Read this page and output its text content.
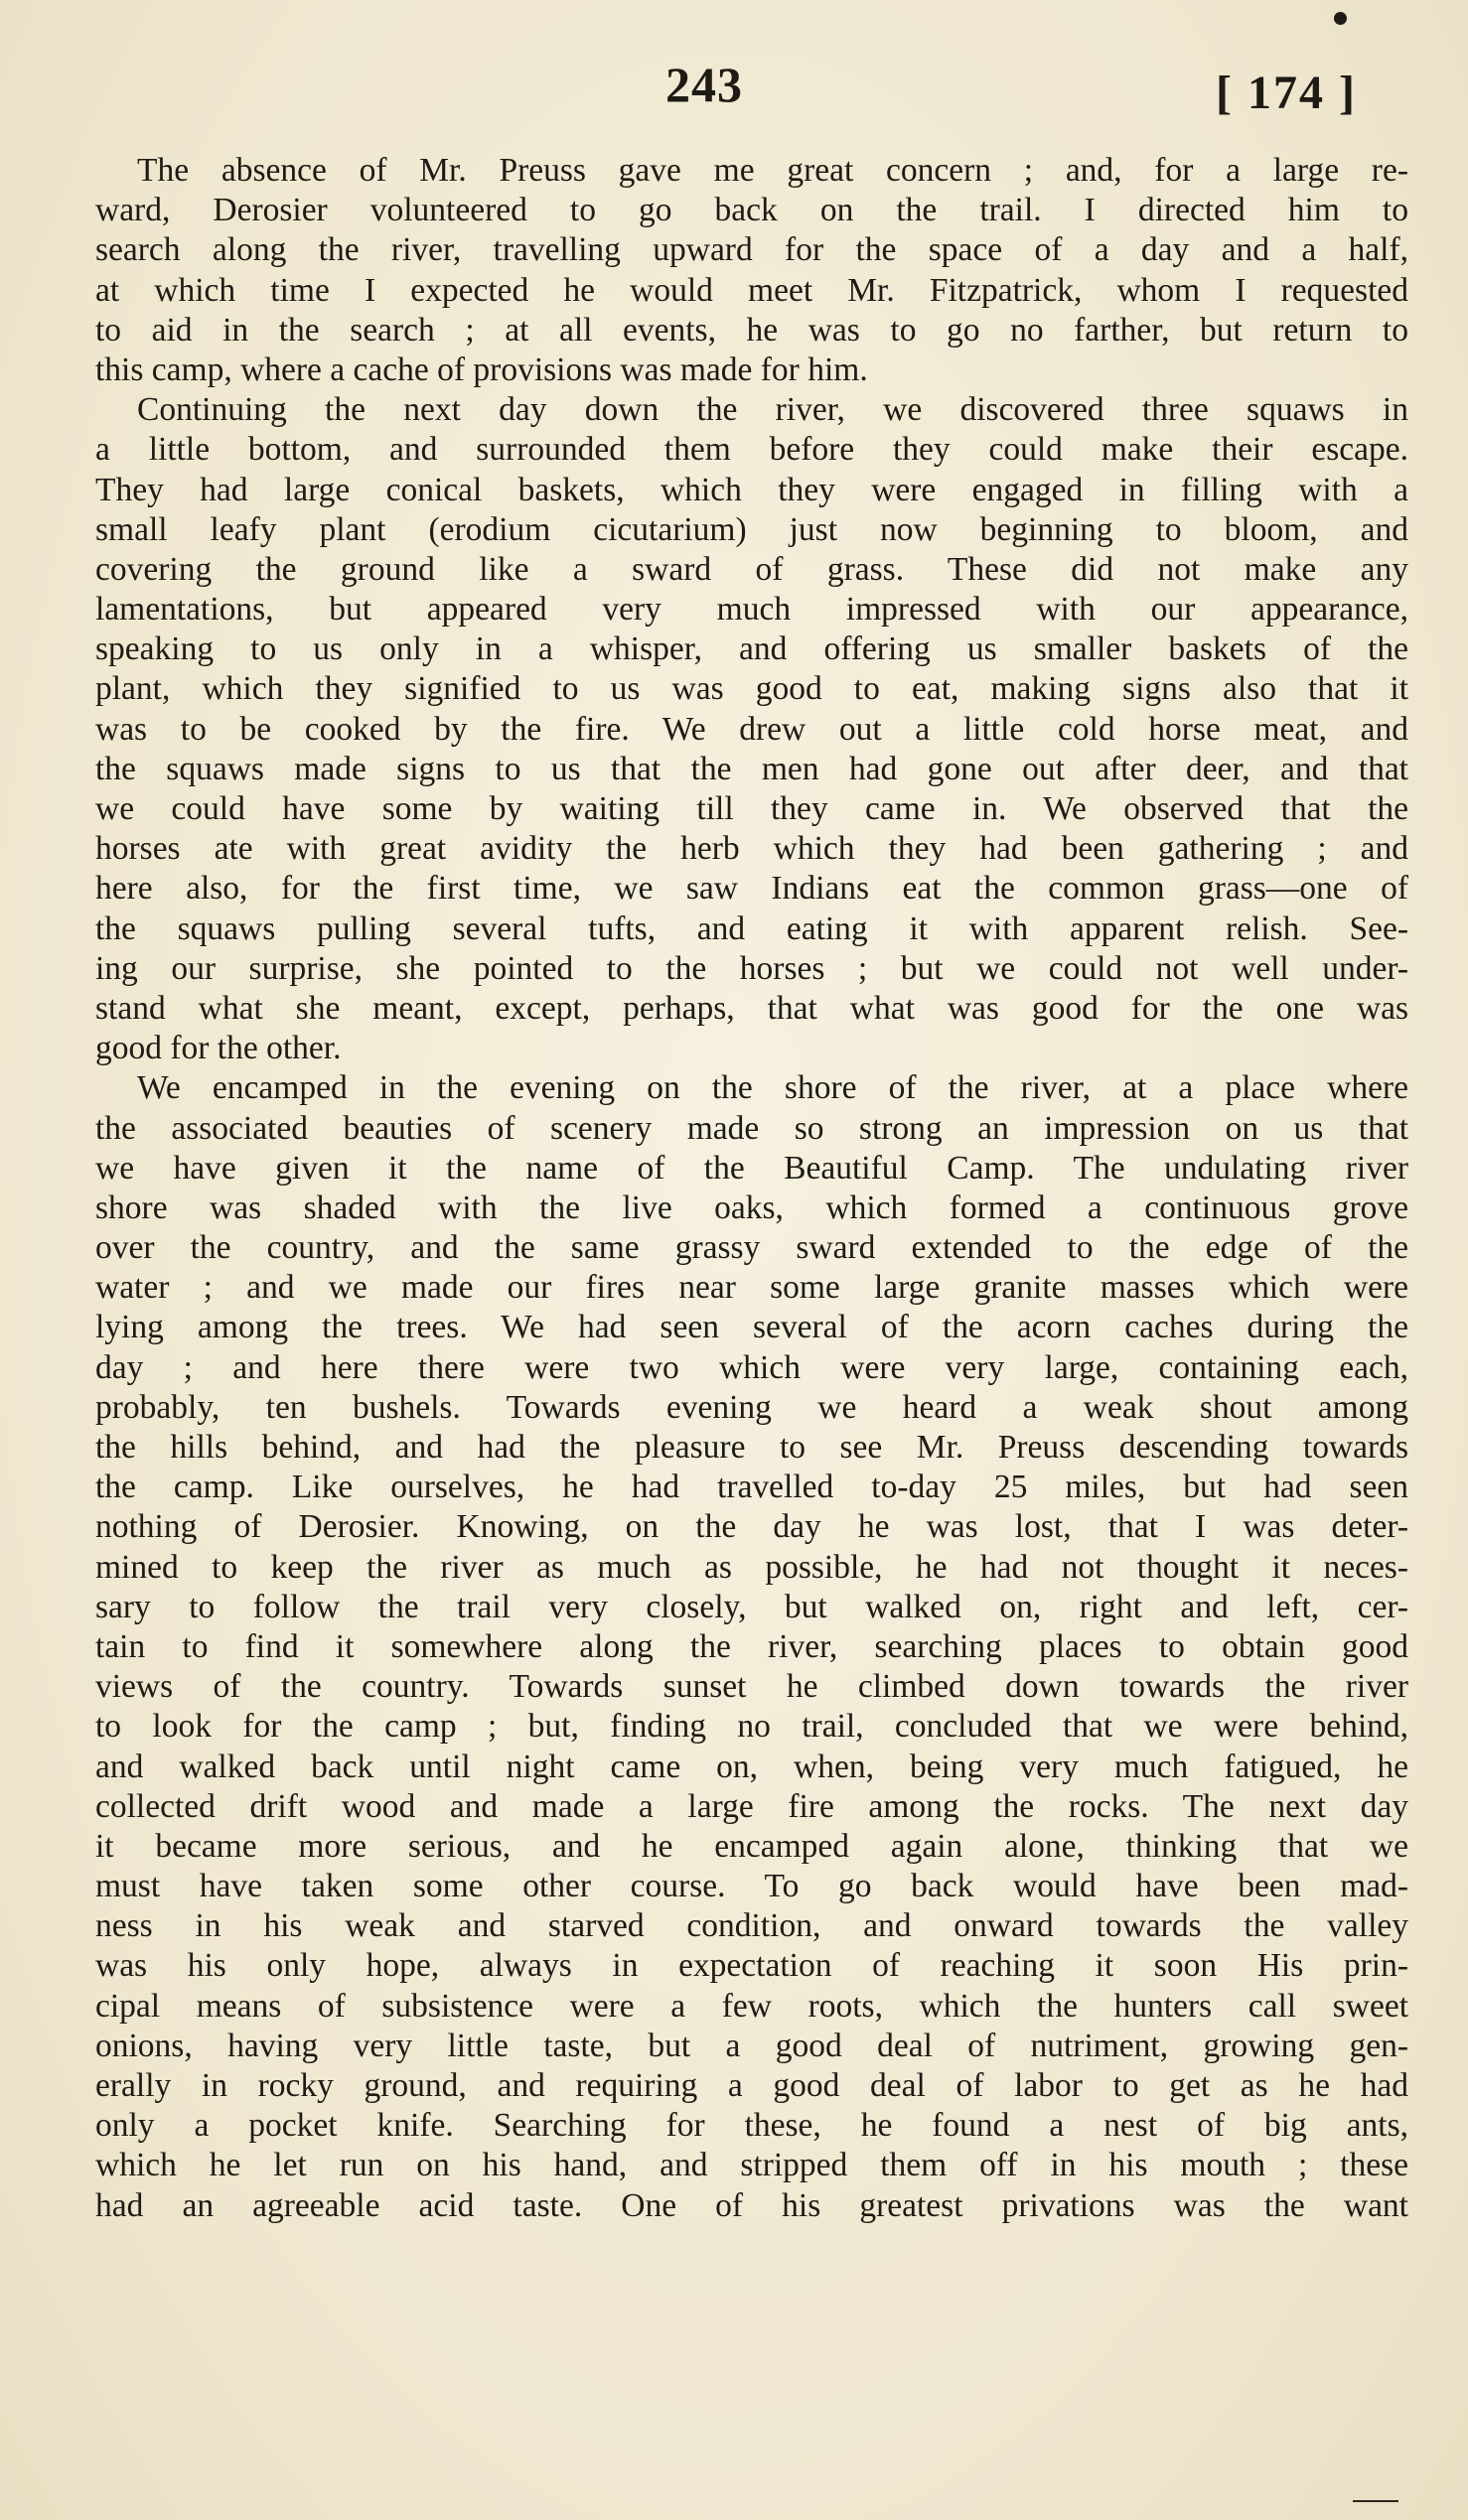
243	[ 174 ]
The absence of Mr. Preuss gave me great concern ; and, for a large re-
ward, Derosier volunteered to go back on the trail. I directed him to
search along the river, travelling upward for the space of a day and a half,
at which time I expected he would meet Mr. Fitzpatrick, whom I requested
to aid in the search ; at all events, he was to go no farther, but return to
this camp, where a cache of provisions was made for him.
Continuing the next day down the river, we discovered three squaws in
a little bottom, and surrounded them before they could make their escape.
They had large conical baskets, which they were engaged in filling with a
small leafy plant (erodium cicutarium) just now beginning to bloom, and
covering the ground like a sward of grass. These did not make any
lamentations, but appeared very much impressed with our appearance,
speaking to us only in a whisper, and offering us smaller baskets of the
plant, which they signified to us was good to eat, making signs also that it
was to be cooked by the fire. We drew out a little cold horse meat, and
the squaws made signs to us that the men had gone out after deer, and that
we could have some by waiting till they came in. We observed that the
horses ate with great avidity the herb which they had been gathering ; and
here also, for the first time, we saw Indians eat the common grass—one of
the squaws pulling several tufts, and eating it with apparent relish. See-
ing our surprise, she pointed to the horses ; but we could not well under-
stand what she meant, except, perhaps, that what was good for the one was
good for the other.
We encamped in the evening on the shore of the river, at a place where
the associated beauties of scenery made so strong an impression on us that
we have given it the name of the Beautiful Camp. The undulating river
shore was shaded with the live oaks, which formed a continuous grove
over the country, and the same grassy sward extended to the edge of the
water ; and we made our fires near some large granite masses which were
lying among the trees. We had seen several of the acorn caches during the
day ; and here there were two which were very large, containing each,
probably, ten bushels. Towards evening we heard a weak shout among
the hills behind, and had the pleasure to see Mr. Preuss descending towards
the camp. Like ourselves, he had travelled to-day 25 miles, but had seen
nothing of Derosier. Knowing, on the day he was lost, that I was deter-
mined to keep the river as much as possible, he had not thought it neces-
sary to follow the trail very closely, but walked on, right and left, cer-
tain to find it somewhere along the river, searching places to obtain good
views of the country. Towards sunset he climbed down towards the river
to look for the camp ; but, finding no trail, concluded that we were behind,
and walked back until night came on, when, being very much fatigued, he
collected drift wood and made a large fire among the rocks. The next day
it became more serious, and he encamped again alone, thinking that we
must have taken some other course. To go back would have been mad-
ness in his weak and starved condition, and onward towards the valley
was his only hope, always in expectation of reaching it soon His prin-
cipal means of subsistence were a few roots, which the hunters call sweet
onions, having very little taste, but a good deal of nutriment, growing gen-
erally in rocky ground, and requiring a good deal of labor to get as he had
only a pocket knife. Searching for these, he found a nest of big ants,
which he let run on his hand, and stripped them off in his mouth ; these
had an agreeable acid taste. One of his greatest privations was the want
